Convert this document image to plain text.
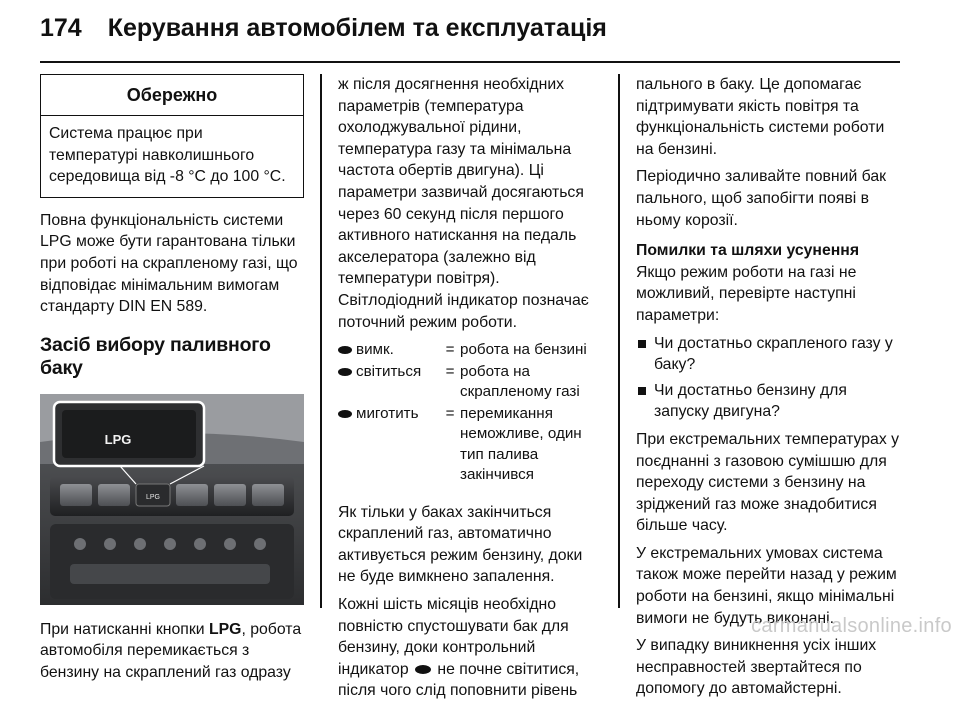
174 Керування автомобілем та експлуатація
Обережно
Система працює при температурі навколишнього середовища від -8 °C до 100 °C.

Повна функціональність системи LPG може бути гарантована тільки при роботі на скрапленому газі, що відповідає мінімальним вимогам стандарту DIN EN 589.

Засіб вибору паливного баку
LPG
LPG

При натисканні кнопки LPG, робота автомобіля перемикається з бензину на скраплений газ одразу

ж після досягнення необхідних параметрів (температура охолоджувальної рідини, температура газу та мінімальна частота обертів двигуна). Ці параметри зазвичай досягаються через 60 секунд після першого активного натискання на педаль акселератора (залежно від температури повітря).

Світлодіодний індикатор позначає поточний режим роботи.

вимк.	= робота на бензині
світиться	= робота на скрапленому газі
миготить	= перемикання неможливе, один тип палива закінчився

Як тільки у баках закінчиться скраплений газ, автоматично активується режим бензину, доки не буде вимкнено запалення.

Кожні шість місяців необхідно повністю спустошувати бак для бензину, доки контрольний індикатор  не почне світитися, після чого слід поповнити рівень

пального в баку. Це допомагає підтримувати якість повітря та функціональність системи роботи на бензині.

Періодично заливайте повний бак пального, щоб запобігти появі в ньому корозії.

Помилки та шляхи усунення

Якщо режим роботи на газі не можливий, перевірте наступні параметри:

Чи достатньо скрапленого газу у баку?
Чи достатньо бензину для запуску двигуна?

При екстремальних температурах у поєднанні з газовою сумішшю для переходу системи з бензину на зріджений газ може знадобитися більше часу.

У екстремальних умовах система також може перейти назад у режим роботи на бензині, якщо мінімальні вимоги не будуть виконані.

У випадку виникнення усіх інших несправностей звертайтеся по допомогу до автомайстерні.

carmanualsonline.info
